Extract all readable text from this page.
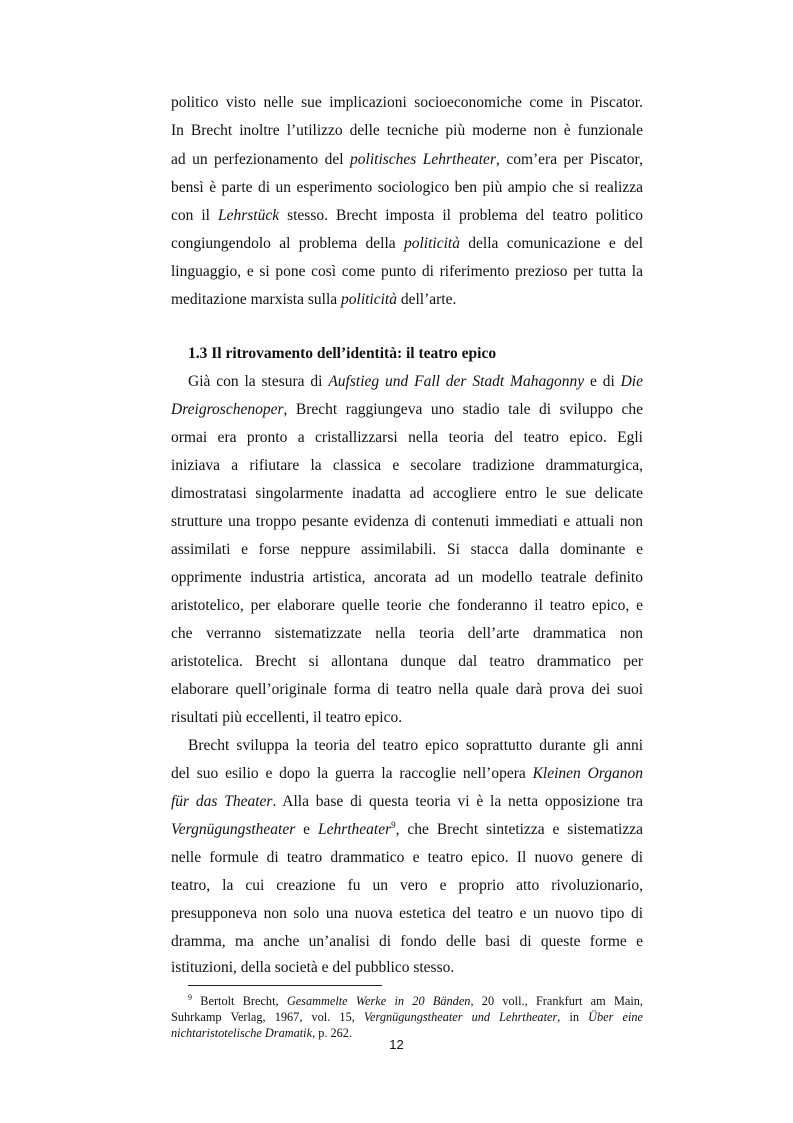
politico visto nelle sue implicazioni socioeconomiche come in Piscator.

In Brecht inoltre l’utilizzo delle tecniche più moderne non è funzionale

ad un perfezionamento del politisches Lehrtheater, com’era per Piscator,

bensì è parte di un esperimento sociologico ben più ampio che si realizza

con il Lehrstück stesso. Brecht imposta il problema del teatro politico

congiungendolo al problema della politicità della comunicazione e del

linguaggio, e si pone così come punto di riferimento prezioso per tutta la

meditazione marxista sulla politicità dell’arte.

1.3 Il ritrovamento dell’identità: il teatro epico

Già con la stesura di Aufstieg und Fall der Stadt Mahagonny e di Die

Dreigroschenoper, Brecht raggiungeva uno stadio tale di sviluppo che

ormai era pronto a cristallizzarsi nella teoria del teatro epico. Egli

iniziava a rifiutare la classica e secolare tradizione drammaturgica,

dimostratasi singolarmente inadatta ad accogliere entro le sue delicate

strutture una troppo pesante evidenza di contenuti immediati e attuali non

assimilati e forse neppure assimilabili. Si stacca dalla dominante e

opprimente industria artistica, ancorata ad un modello teatrale definito

aristotelico, per elaborare quelle teorie che fonderanno il teatro epico, e

che verranno sistematizzate nella teoria dell’arte drammatica non

aristotelica. Brecht si allontana dunque dal teatro drammatico per

elaborare quell’originale forma di teatro nella quale darà prova dei suoi

risultati più eccellenti, il teatro epico.

Brecht sviluppa la teoria del teatro epico soprattutto durante gli anni

del suo esilio e dopo la guerra la raccoglie nell’opera Kleinen Organon

für das Theater. Alla base di questa teoria vi è la netta opposizione tra

Vergnügungstheater e Lehrtheater$^9$, che Brecht sintetizza e sistematizza

nelle formule di teatro drammatico e teatro epico. Il nuovo genere di

teatro, la cui creazione fu un vero e proprio atto rivoluzionario,

presupponeva non solo una nuova estetica del teatro e un nuovo tipo di

dramma, ma anche un’analisi di fondo delle basi di queste forme e

istituzioni, della società e del pubblico stesso.

$^9$ Bertolt Brecht, Gesammelte Werke in 20 Bänden, 20 voll., Frankfurt am Main,

Suhrkamp Verlag, 1967, vol. 15, Vergnügungstheater und Lehrtheater, in Über eine

nichtaristotelische Dramatik, p. 262.

12
